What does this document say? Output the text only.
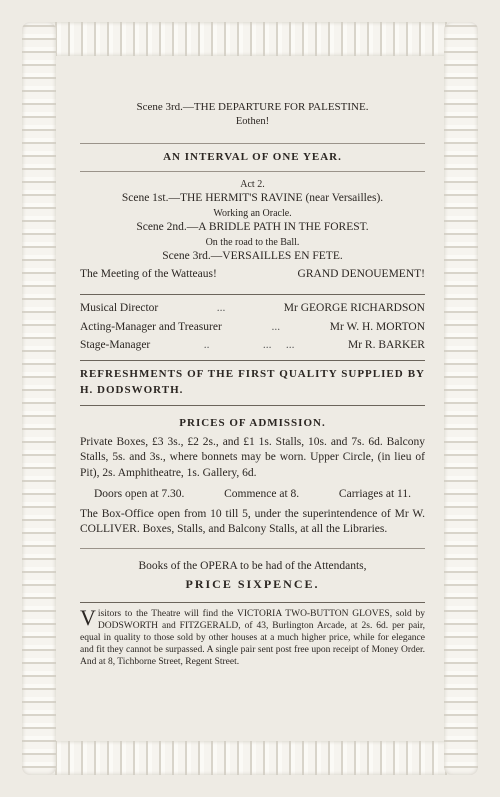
Scene 3rd.—THE DEPARTURE FOR PALESTINE.
Eothen!
AN INTERVAL OF ONE YEAR.
Act 2.
Scene 1st.—THE HERMIT'S RAVINE (near Versailles).
Working an Oracle.
Scene 2nd.—A BRIDLE PATH IN THE FOREST.
On the road to the Ball.
Scene 3rd.—VERSAILLES EN FETE.
The Meeting of the Watteaus!	GRAND DENOUEMENT!
Musical Director	...	Mr GEORGE RICHARDSON
Acting-Manager and Treasurer	...	Mr W. H. MORTON
Stage-Manager	..	...     ...	Mr R. BARKER
REFRESHMENTS OF THE FIRST QUALITY SUPPLIED BY H. DODSWORTH.
PRICES OF ADMISSION.
Private Boxes, £3 3s., £2 2s., and £1 1s. Stalls, 10s. and 7s. 6d. Balcony Stalls, 5s. and 3s., where bonnets may be worn. Upper Circle, (in lieu of Pit), 2s. Amphitheatre, 1s. Gallery, 6d.
Doors open at 7.30.	Commence at 8.	Carriages at 11.
The Box-Office open from 10 till 5, under the superintendence of Mr W. COLLIVER. Boxes, Stalls, and Balcony Stalls, at all the Libraries.
Books of the OPERA to be had of the Attendants,
PRICE SIXPENCE.
Visitors to the Theatre will find the VICTORIA TWO-BUTTON GLOVES, sold by DODSWORTH and FITZGERALD, of 43, Burlington Arcade, at 2s. 6d. per pair, equal in quality to those sold by other houses at a much higher price, while for elegance and fit they cannot be surpassed. A single pair sent post free upon receipt of Money Order. And at 8, Tichborne Street, Regent Street.
